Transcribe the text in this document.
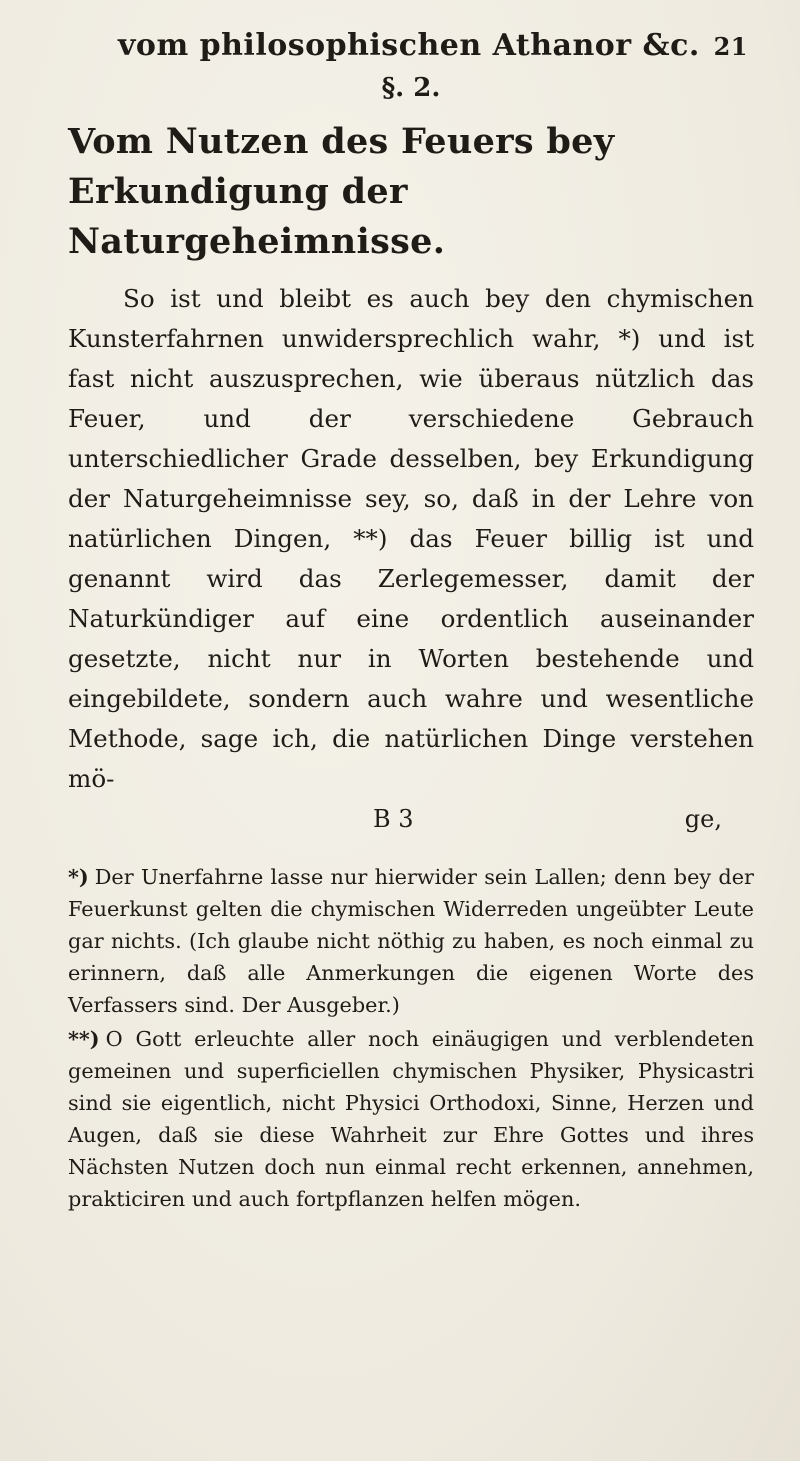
vom philosophischen Athanor &c. 21
§. 2.
Vom Nutzen des Feuers bey Erkundigung der Naturgeheimnisse.

So ist und bleibt es auch bey den chymischen Kunsterfahrnen unwidersprechlich wahr, *) und ist fast nicht auszusprechen, wie überaus nützlich das Feuer, und der verschiedene Gebrauch unterschiedlicher Grade desselben, bey Erkundigung der Naturgeheimnisse sey, so, daß in der Lehre von natürlichen Dingen, **) das Feuer billig ist und genannt wird das Zerlegemesser, damit der Naturkündiger auf eine ordentlich auseinander gesetzte, nicht nur in Worten bestehende und eingebildete, sondern auch wahre und wesentliche Methode, sage ich, die natürlichen Dinge verstehen mö-

B 3	ge,

*) Der Unerfahrne lasse nur hierwider sein Lallen; denn bey der Feuerkunst gelten die chymischen Widerreden ungeübter Leute gar nichts. (Ich glaube nicht nöthig zu haben, es noch einmal zu erinnern, daß alle Anmerkungen die eigenen Worte des Verfassers sind. Der Ausgeber.)

**) O Gott erleuchte aller noch einäugigen und verblendeten gemeinen und superficiellen chymischen Physiker, Physicastri sind sie eigentlich, nicht Physici Orthodoxi, Sinne, Herzen und Augen, daß sie diese Wahrheit zur Ehre Gottes und ihres Nächsten Nutzen doch nun einmal recht erkennen, annehmen, prakticiren und auch fortpflanzen helfen mögen.
